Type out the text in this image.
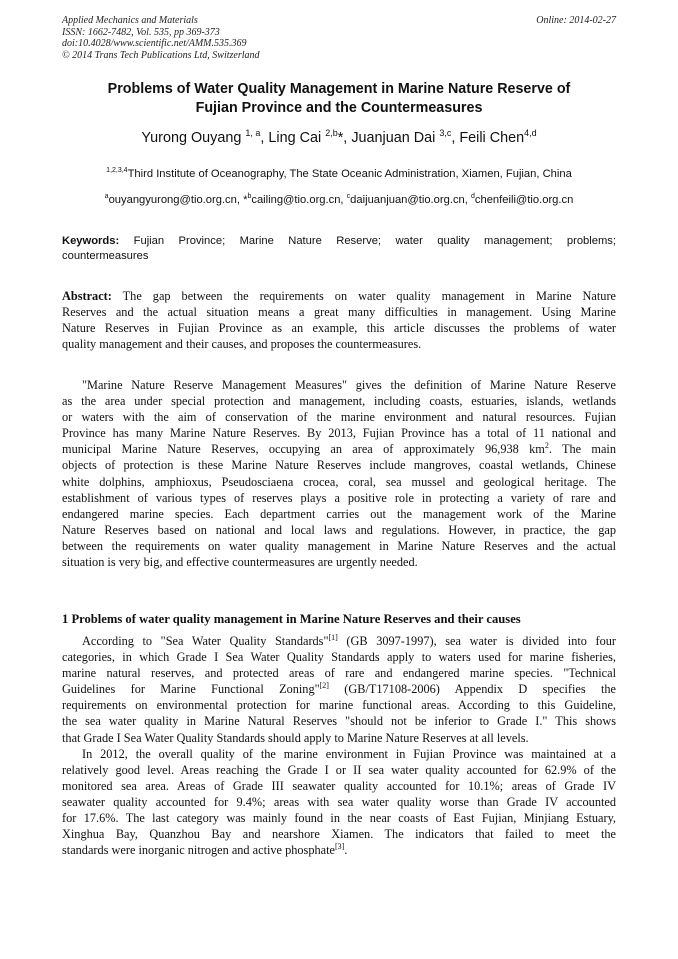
Applied Mechanics and Materials
ISSN: 1662-7482, Vol. 535, pp 369-373
doi:10.4028/www.scientific.net/AMM.535.369
© 2014 Trans Tech Publications Ltd, Switzerland
Online: 2014-02-27
Problems of Water Quality Management in Marine Nature Reserve of
Fujian Province and the Countermeasures
Yurong Ouyang $^{1, a}$, Ling Cai $^{2,b}$*, Juanjuan Dai $^{3,c}$, Feili Chen$^{4,d}$
$^{1,2,3,4}$Third Institute of Oceanography, The State Oceanic Administration, Xiamen, Fujian, China
$^a$ouyangyurong@tio.org.cn, *$^b$cailing@tio.org.cn, $^c$daijuanjuan@tio.org.cn, $^d$chenfeili@tio.org.cn
Keywords: Fujian Province; Marine Nature Reserve; water quality management; problems;
countermeasures
Abstract: The gap between the requirements on water quality management in Marine Nature
Reserves and the actual situation means a great many difficulties in management. Using Marine
Nature Reserves in Fujian Province as an example, this article discusses the problems of water
quality management and their causes, and proposes the countermeasures.
"Marine Nature Reserve Management Measures" gives the definition of Marine Nature Reserve
as the area under special protection and management, including coasts, estuaries, islands, wetlands
or waters with the aim of conservation of the marine environment and natural resources. Fujian
Province has many Marine Nature Reserves. By 2013, Fujian Province has a total of 11 national and
municipal Marine Nature Reserves, occupying an area of approximately 96,938 km$^2$. The main
objects of protection is these Marine Nature Reserves include mangroves, coastal wetlands, Chinese
white dolphins, amphioxus, Pseudosciaena crocea, coral, sea mussel and geological heritage. The
establishment of various types of reserves plays a positive role in protecting a variety of rare and
endangered marine species. Each department carries out the management work of the Marine
Nature Reserves based on national and local laws and regulations. However, in practice, the gap
between the requirements on water quality management in Marine Nature Reserves and the actual
situation is very big, and effective countermeasures are urgently needed.
1 Problems of water quality management in Marine Nature Reserves and their causes
According to "Sea Water Quality Standards"[1] (GB 3097-1997), sea water is divided into four
categories, in which Grade I Sea Water Quality Standards apply to waters used for marine fisheries,
marine natural reserves, and protected areas of rare and endangered marine species. "Technical
Guidelines for Marine Functional Zoning"[2] (GB/T17108-2006) Appendix D specifies the
requirements on environmental protection for marine functional areas. According to this Guideline,
the sea water quality in Marine Natural Reserves "should not be inferior to Grade I." This shows
that Grade I Sea Water Quality Standards should apply to Marine Nature Reserves at all levels.
In 2012, the overall quality of the marine environment in Fujian Province was maintained at a
relatively good level. Areas reaching the Grade I or II sea water quality accounted for 62.9% of the
monitored sea area. Areas of Grade III seawater quality accounted for 10.1%; areas of Grade IV
seawater quality accounted for 9.4%; areas with sea water quality worse than Grade IV accounted
for 17.6%. The last category was mainly found in the near coasts of East Fujian, Minjiang Estuary,
Xinghua Bay, Quanzhou Bay and nearshore Xiamen. The indicators that failed to meet the
standards were inorganic nitrogen and active phosphate[3].
